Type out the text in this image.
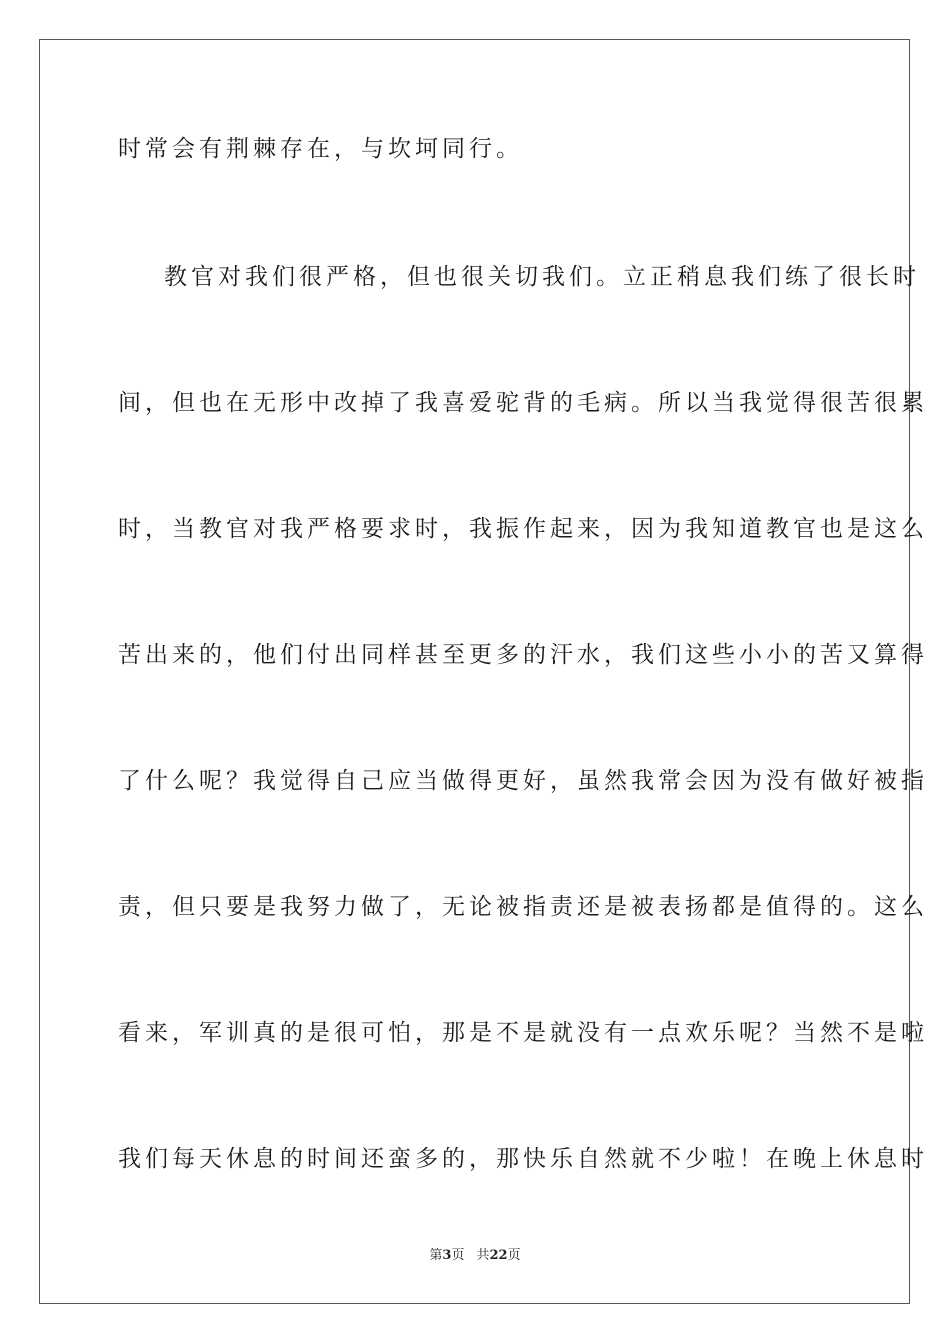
时常会有荆棘存在，与坎坷同行。
教官对我们很严格，但也很关切我们。立正稍息我们练了很长时
间，但也在无形中改掉了我喜爱驼背的毛病。所以当我觉得很苦很累
时，当教官对我严格要求时，我振作起来，因为我知道教官也是这么
苦出来的，他们付出同样甚至更多的汗水，我们这些小小的苦又算得
了什么呢？我觉得自己应当做得更好，虽然我常会因为没有做好被指
责，但只要是我努力做了，无论被指责还是被表扬都是值得的。这么
看来，军训真的是很可怕，那是不是就没有一点欢乐呢？当然不是啦
我们每天休息的时间还蛮多的，那快乐自然就不少啦！在晚上休息时
第3页 共22页
